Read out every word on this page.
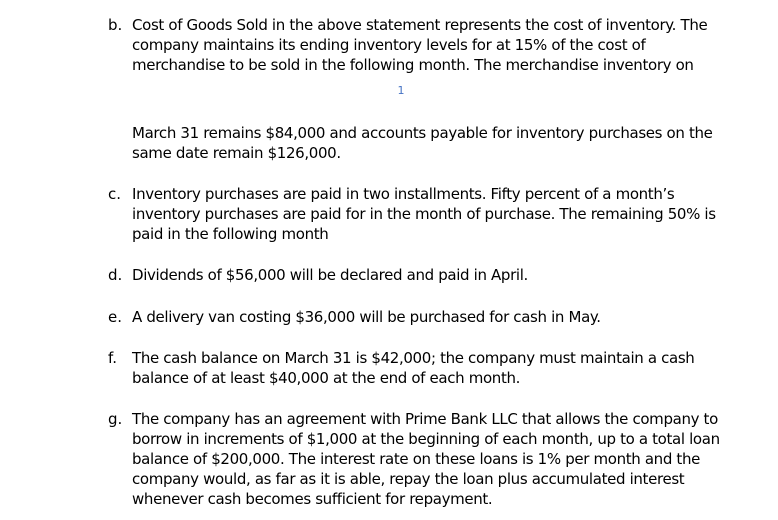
b. Cost of Goods Sold in the above statement represents the cost of inventory. The
company maintains its ending inventory levels for at 15% of the cost of
merchandise to be sold in the following month. The merchandise inventory on
1
March 31 remains $84,000 and accounts payable for inventory purchases on the
same date remain $126,000.
c. Inventory purchases are paid in two installments. Fifty percent of a month’s
inventory purchases are paid for in the month of purchase. The remaining 50% is
paid in the following month
d. Dividends of $56,000 will be declared and paid in April.
e. A delivery van costing $36,000 will be purchased for cash in May.
f. The cash balance on March 31 is $42,000; the company must maintain a cash
balance of at least $40,000 at the end of each month.
g. The company has an agreement with Prime Bank LLC that allows the company to
borrow in increments of $1,000 at the beginning of each month, up to a total loan
balance of $200,000. The interest rate on these loans is 1% per month and the
company would, as far as it is able, repay the loan plus accumulated interest
whenever cash becomes sufficient for repayment.
